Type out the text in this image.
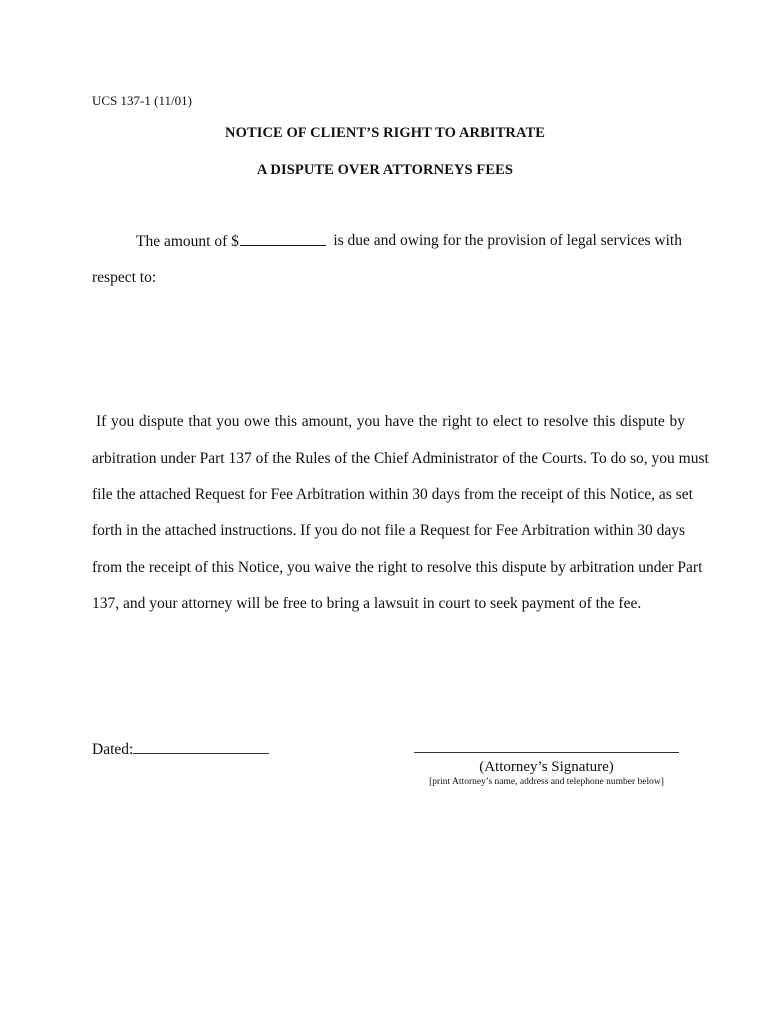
UCS 137-1 (11/01)
NOTICE OF CLIENT’S RIGHT TO ARBITRATE
A DISPUTE OVER ATTORNEYS FEES
The amount of $	is due and owing for the provision of legal services with
respect to:
If you dispute that you owe this amount, you have the right to elect to resolve this dispute by
arbitration under Part 137 of the Rules of the Chief Administrator of the Courts. To do so, you must
file the attached Request for Fee Arbitration within 30 days from the receipt of this Notice, as set
forth in the attached instructions. If you do not file a Request for Fee Arbitration within 30 days
from the receipt of this Notice, you waive the right to resolve this dispute by arbitration under Part
137, and your attorney will be free to bring a lawsuit in court to seek payment of the fee.
Dated:
(Attorney’s Signature)
[print Attorney’s name, address and telephone number below]
